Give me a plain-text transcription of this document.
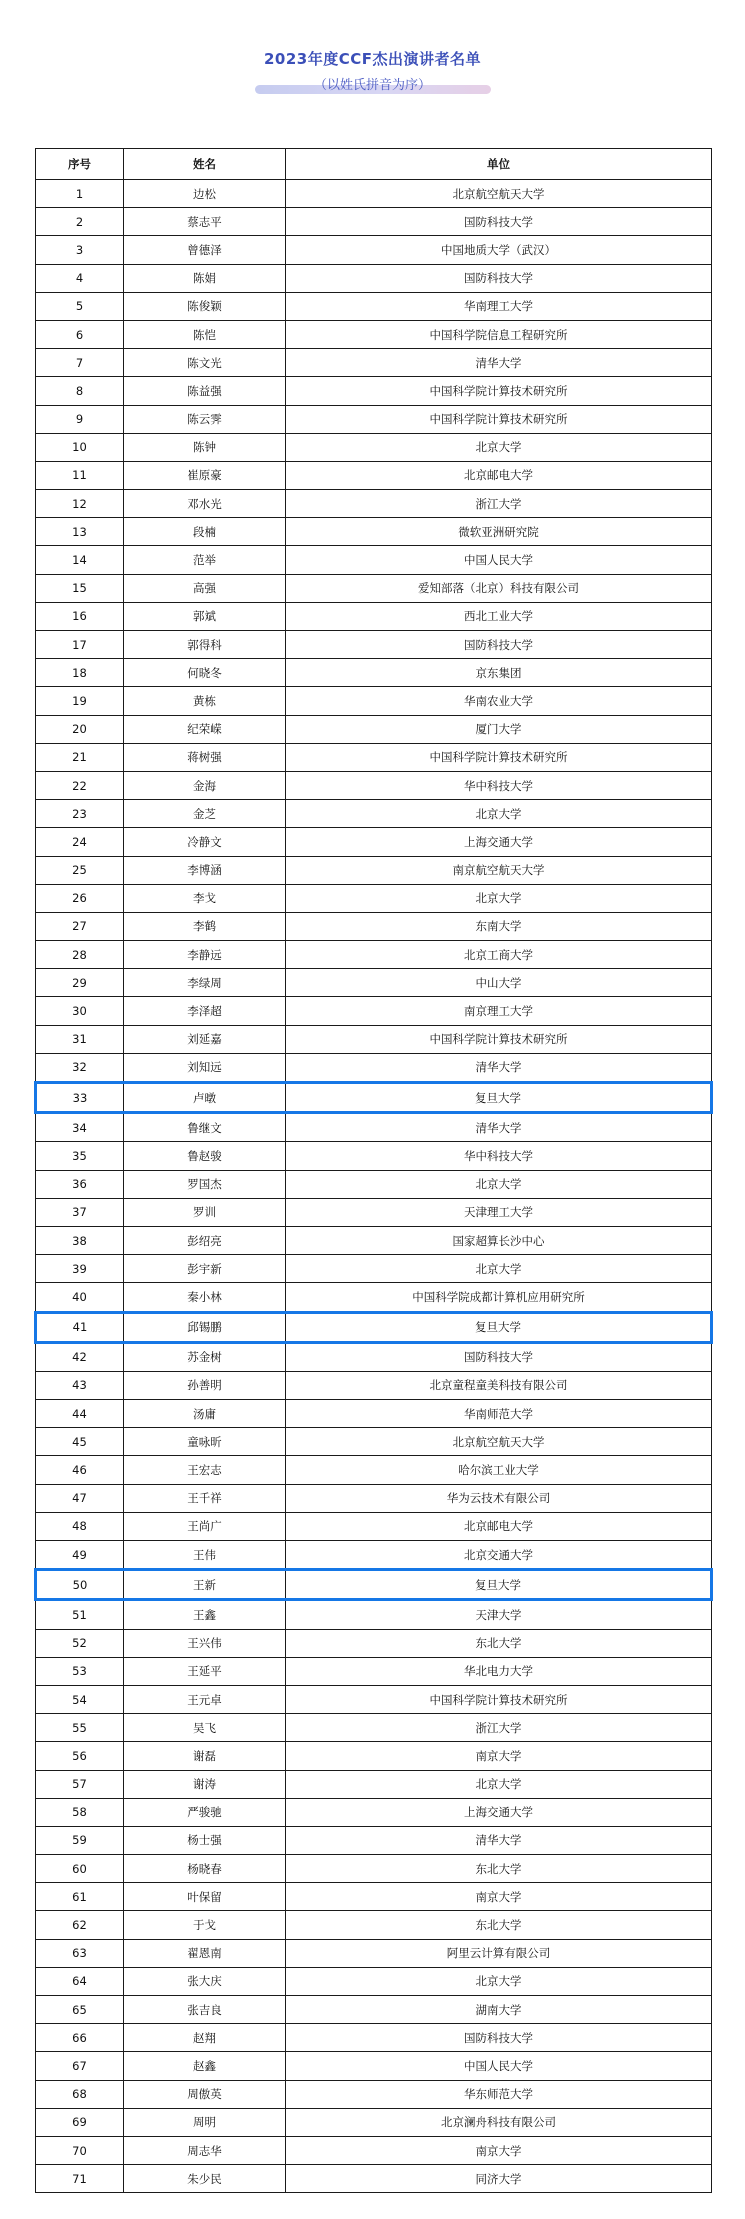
2023年度CCF杰出演讲者名单
（以姓氏拼音为序）
序号	姓名	单位
1	边松	北京航空航天大学
2	蔡志平	国防科技大学
3	曾德泽	中国地质大学（武汉）
4	陈娟	国防科技大学
5	陈俊颖	华南理工大学
6	陈恺	中国科学院信息工程研究所
7	陈文光	清华大学
8	陈益强	中国科学院计算技术研究所
9	陈云霁	中国科学院计算技术研究所
10	陈钟	北京大学
11	崔原豪	北京邮电大学
12	邓水光	浙江大学
13	段楠	微软亚洲研究院
14	范举	中国人民大学
15	高强	爱知部落（北京）科技有限公司
16	郭斌	西北工业大学
17	郭得科	国防科技大学
18	何晓冬	京东集团
19	黄栋	华南农业大学
20	纪荣嵘	厦门大学
21	蒋树强	中国科学院计算技术研究所
22	金海	华中科技大学
23	金芝	北京大学
24	冷静文	上海交通大学
25	李博涵	南京航空航天大学
26	李戈	北京大学
27	李鹤	东南大学
28	李静远	北京工商大学
29	李绿周	中山大学
30	李泽超	南京理工大学
31	刘延嘉	中国科学院计算技术研究所
32	刘知远	清华大学
33	卢暾	复旦大学
34	鲁继文	清华大学
35	鲁赵骏	华中科技大学
36	罗国杰	北京大学
37	罗训	天津理工大学
38	彭绍亮	国家超算长沙中心
39	彭宇新	北京大学
40	秦小林	中国科学院成都计算机应用研究所
41	邱锡鹏	复旦大学
42	苏金树	国防科技大学
43	孙善明	北京童程童美科技有限公司
44	汤庸	华南师范大学
45	童咏昕	北京航空航天大学
46	王宏志	哈尔滨工业大学
47	王千祥	华为云技术有限公司
48	王尚广	北京邮电大学
49	王伟	北京交通大学
50	王新	复旦大学
51	王鑫	天津大学
52	王兴伟	东北大学
53	王延平	华北电力大学
54	王元卓	中国科学院计算技术研究所
55	吴飞	浙江大学
56	谢磊	南京大学
57	谢涛	北京大学
58	严骏驰	上海交通大学
59	杨士强	清华大学
60	杨晓春	东北大学
61	叶保留	南京大学
62	于戈	东北大学
63	翟恩南	阿里云计算有限公司
64	张大庆	北京大学
65	张吉良	湖南大学
66	赵翔	国防科技大学
67	赵鑫	中国人民大学
68	周傲英	华东师范大学
69	周明	北京澜舟科技有限公司
70	周志华	南京大学
71	朱少民	同济大学
